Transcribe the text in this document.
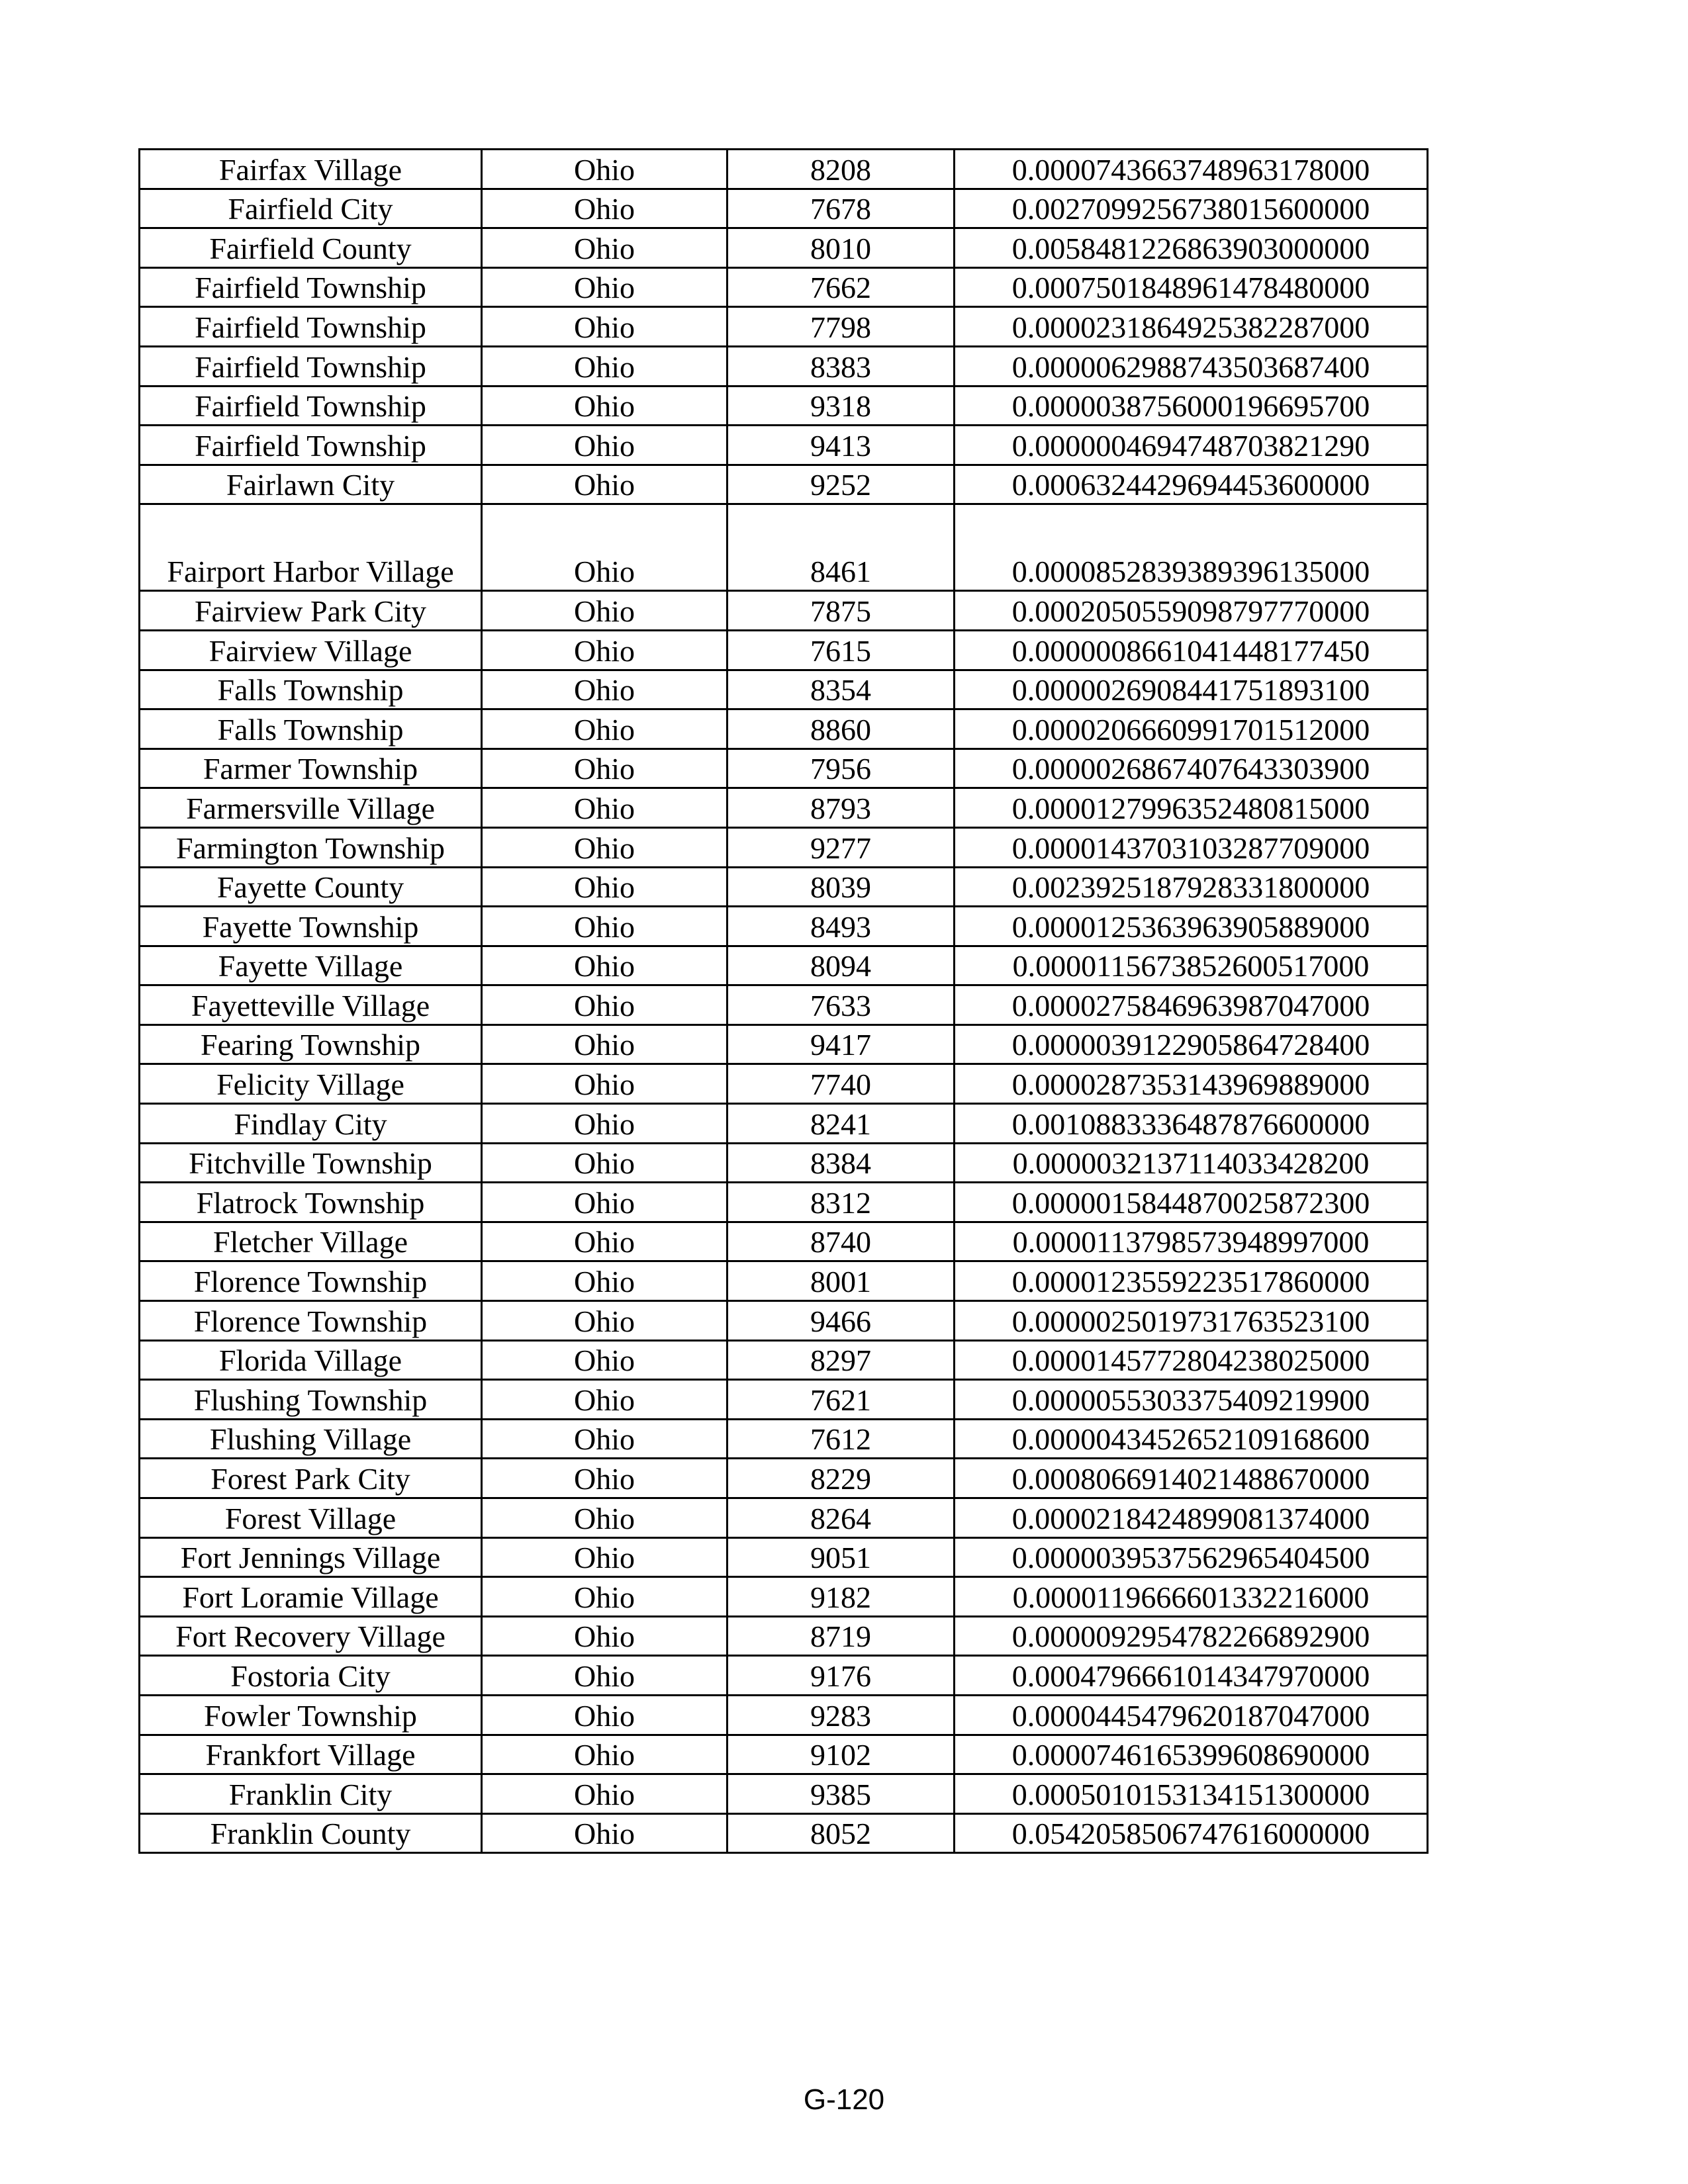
Fairfax Village	Ohio	8208	0.0000743663748963178000
Fairfield City	Ohio	7678	0.0027099256738015600000
Fairfield County	Ohio	8010	0.0058481226863903000000
Fairfield Township	Ohio	7662	0.0007501848961478480000
Fairfield Township	Ohio	7798	0.0000231864925382287000
Fairfield Township	Ohio	8383	0.0000062988743503687400
Fairfield Township	Ohio	9318	0.0000038756000196695700
Fairfield Township	Ohio	9413	0.0000004694748703821290
Fairlawn City	Ohio	9252	0.0006324429694453600000
Fairport Harbor Village	Ohio	8461	0.0000852839389396135000
Fairview Park City	Ohio	7875	0.0002050559098797770000
Fairview Village	Ohio	7615	0.0000008661041448177450
Falls Township	Ohio	8354	0.0000026908441751893100
Falls Township	Ohio	8860	0.0000206660991701512000
Farmer Township	Ohio	7956	0.0000026867407643303900
Farmersville Village	Ohio	8793	0.0000127996352480815000
Farmington Township	Ohio	9277	0.0000143703103287709000
Fayette County	Ohio	8039	0.0023925187928331800000
Fayette Township	Ohio	8493	0.0000125363963905889000
Fayette Village	Ohio	8094	0.0000115673852600517000
Fayetteville Village	Ohio	7633	0.0000275846963987047000
Fearing Township	Ohio	9417	0.0000039122905864728400
Felicity Village	Ohio	7740	0.0000287353143969889000
Findlay City	Ohio	8241	0.0010883336487876600000
Fitchville Township	Ohio	8384	0.0000032137114033428200
Flatrock Township	Ohio	8312	0.0000015844870025872300
Fletcher Village	Ohio	8740	0.0000113798573948997000
Florence Township	Ohio	8001	0.0000123559223517860000
Florence Township	Ohio	9466	0.0000025019731763523100
Florida Village	Ohio	8297	0.0000145772804238025000
Flushing Township	Ohio	7621	0.0000055303375409219900
Flushing Village	Ohio	7612	0.0000043452652109168600
Forest Park City	Ohio	8229	0.0008066914021488670000
Forest Village	Ohio	8264	0.0000218424899081374000
Fort Jennings Village	Ohio	9051	0.0000039537562965404500
Fort Loramie Village	Ohio	9182	0.0000119666601332216000
Fort Recovery Village	Ohio	8719	0.0000092954782266892900
Fostoria City	Ohio	9176	0.0004796661014347970000
Fowler Township	Ohio	9283	0.0000445479620187047000
Frankfort Village	Ohio	9102	0.0000746165399608690000
Franklin City	Ohio	9385	0.0005010153134151300000
Franklin County	Ohio	8052	0.0542058506747616000000
G-120
